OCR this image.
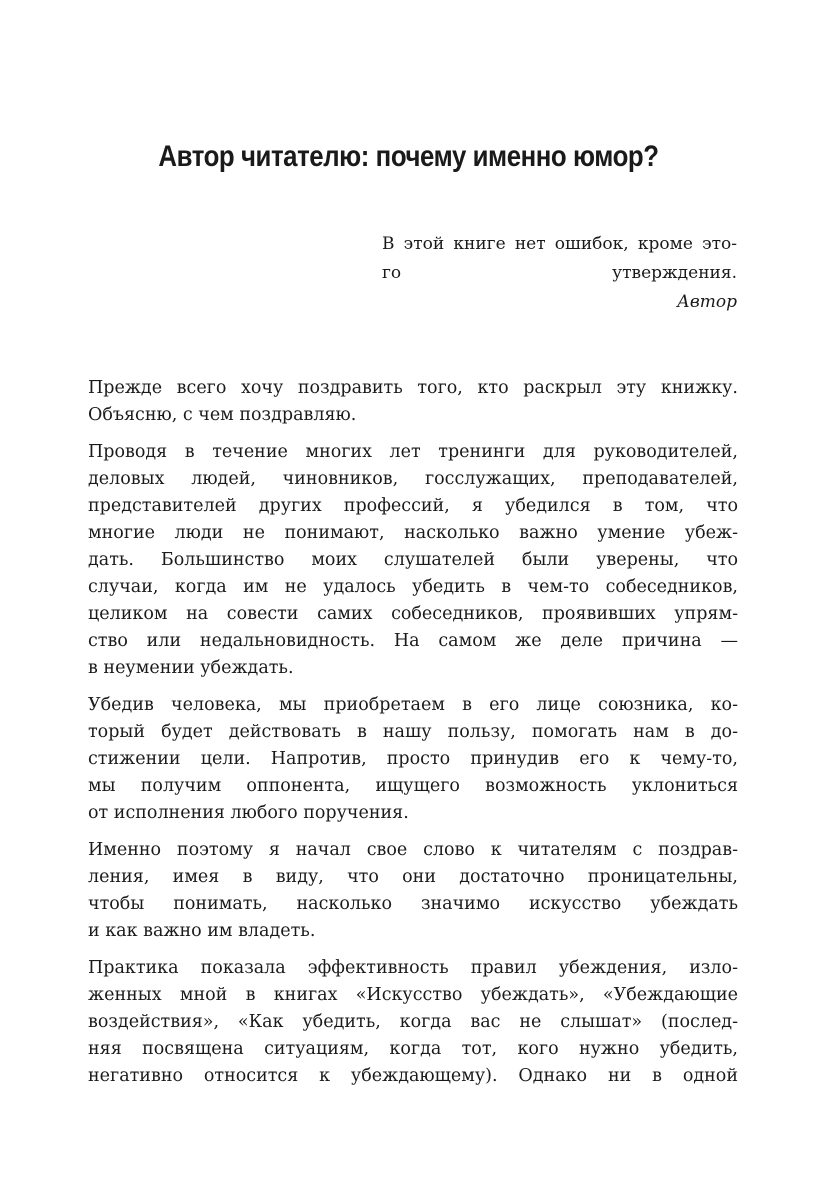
Автор читателю: почему именно юмор?
В этой книге нет ошибок, кроме это-
го утверждения.
Автор

Прежде всего хочу поздравить того, кто раскрыл эту книжку.
Объясню, с чем поздравляю.

Проводя в течение многих лет тренинги для руководителей,
деловых людей, чиновников, госслужащих, преподавателей,
представителей других профессий, я убедился в том, что
многие люди не понимают, насколько важно умение убеж-
дать. Большинство моих слушателей были уверены, что
случаи, когда им не удалось убедить в чем-то собеседников,
целиком на совести самих собеседников, проявивших упрям-
ство или недальновидность. На самом же деле причина —
в неумении убеждать.

Убедив человека, мы приобретаем в его лице союзника, ко-
торый будет действовать в нашу пользу, помогать нам в до-
стижении цели. Напротив, просто принудив его к чему-то,
мы получим оппонента, ищущего возможность уклониться
от исполнения любого поручения.

Именно поэтому я начал свое слово к читателям с поздрав-
ления, имея в виду, что они достаточно проницательны,
чтобы понимать, насколько значимо искусство убеждать
и как важно им владеть.

Практика показала эффективность правил убеждения, изло-
женных мной в книгах «Искусство убеждать», «Убеждающие
воздействия», «Как убедить, когда вас не слышат» (послед-
няя посвящена ситуациям, когда тот, кого нужно убедить,
негативно относится к убеждающему). Однако ни в одной
